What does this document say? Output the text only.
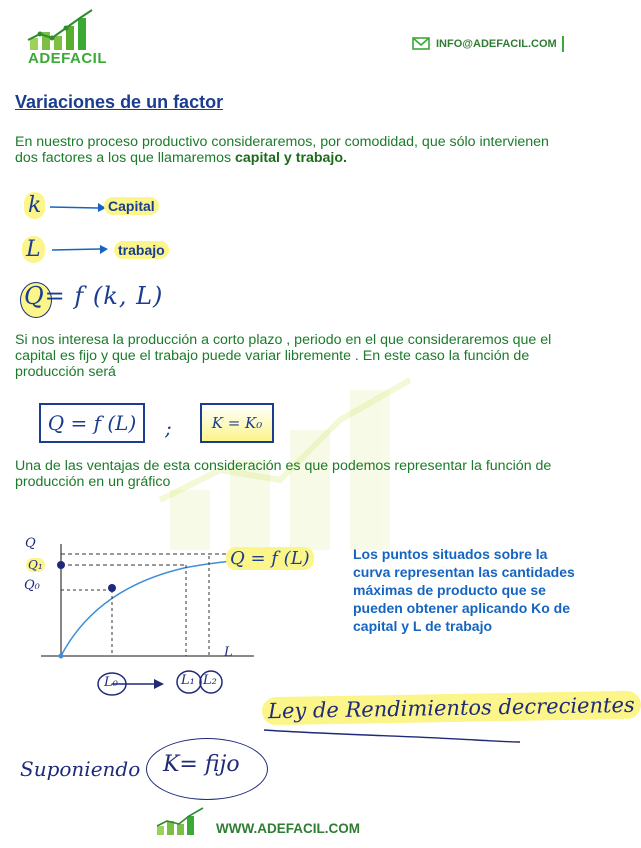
ADEFACIL
INFO@ADEFACIL.COM
Variaciones de un factor
En nuestro proceso productivo consideraremos, por comodidad, que sólo intervienen dos factores a los que llamaremos capital y trabajo.
k	Capital
L	trabajo
Q= f (k, L)
Si nos interesa la producción a corto plazo , periodo en el que consideraremos que el capital es fijo y que el trabajo puede variar libremente . En este caso la función de producción será
Q = f (L)	;	K = K₀
Una de las ventajas de esta consideración es que podemos representar la función de producción en un gráfico
Q
Q₁
Q₀
L
L₀	L₁ L₂
Q = f (L)	Los puntos situados sobre la curva representan las cantidades máximas de producto que se pueden obtener aplicando Ko de capital y L de trabajo
Ley de Rendimientos decrecientes
Suponiendo K= fijo
WWW.ADEFACIL.COM
